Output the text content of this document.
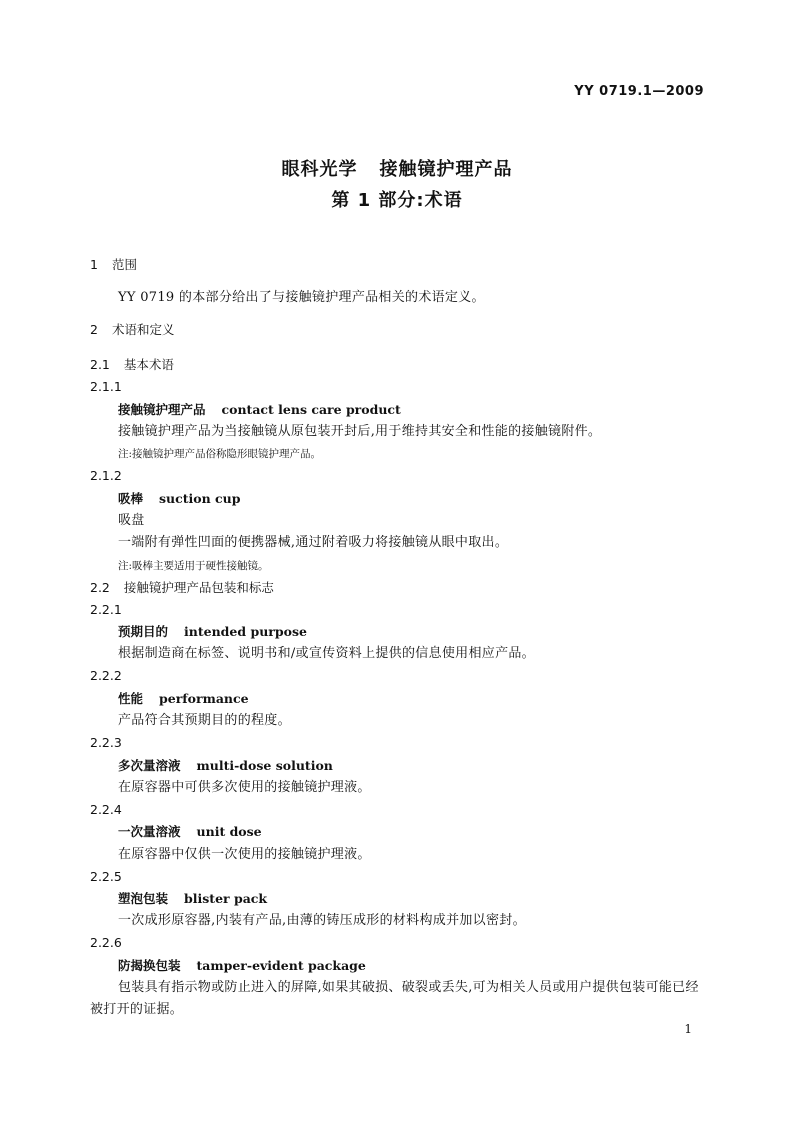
YY 0719.1—2009
眼科光学 接触镜护理产品
第 1 部分:术语
1 范围
YY 0719 的本部分给出了与接触镜护理产品相关的术语定义。
2 术语和定义
2.1 基本术语
2.1.1
接触镜护理产品 contact lens care product
接触镜护理产品为当接触镜从原包装开封后,用于维持其安全和性能的接触镜附件。
注:接触镜护理产品俗称隐形眼镜护理产品。
2.1.2
吸棒 suction cup
吸盘
一端附有弹性凹面的便携器械,通过附着吸力将接触镜从眼中取出。
注:吸棒主要适用于硬性接触镜。
2.2 接触镜护理产品包装和标志
2.2.1
预期目的 intended purpose
根据制造商在标签、说明书和/或宣传资料上提供的信息使用相应产品。
2.2.2
性能 performance
产品符合其预期目的的程度。
2.2.3
多次量溶液 multi-dose solution
在原容器中可供多次使用的接触镜护理液。
2.2.4
一次量溶液 unit dose
在原容器中仅供一次使用的接触镜护理液。
2.2.5
塑泡包装 blister pack
一次成形原容器,内装有产品,由薄的铸压成形的材料构成并加以密封。
2.2.6
防揭换包装 tamper-evident package
包装具有指示物或防止进入的屏障,如果其破损、破裂或丢失,可为相关人员或用户提供包装可能已经被打开的证据。
1
